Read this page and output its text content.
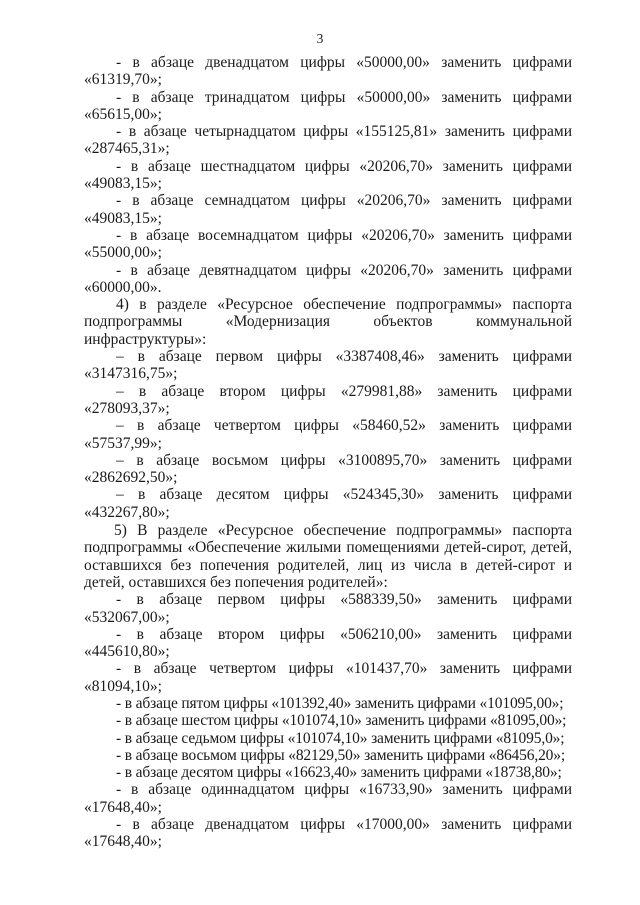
3
- в абзаце двенадцатом цифры «50000,00» заменить цифрами «61319,70»;
- в абзаце тринадцатом цифры «50000,00» заменить цифрами «65615,00»;
- в абзаце четырнадцатом цифры «155125,81» заменить цифрами «287465,31»;
- в абзаце шестнадцатом цифры «20206,70» заменить цифрами «49083,15»;
- в абзаце семнадцатом цифры «20206,70» заменить цифрами «49083,15»;
- в абзаце восемнадцатом цифры «20206,70» заменить цифрами «55000,00»;
- в абзаце девятнадцатом цифры «20206,70» заменить цифрами «60000,00».
4) в разделе «Ресурсное обеспечение подпрограммы» паспорта подпрограммы «Модернизация объектов коммунальной инфраструктуры»:
– в абзаце первом цифры «3387408,46» заменить цифрами «3147316,75»;
– в абзаце втором цифры «279981,88» заменить цифрами «278093,37»;
– в абзаце четвертом цифры «58460,52» заменить цифрами «57537,99»;
– в абзаце восьмом цифры «3100895,70» заменить цифрами «2862692,50»;
– в абзаце десятом цифры «524345,30» заменить цифрами «432267,80»;
5) В разделе «Ресурсное обеспечение подпрограммы» паспорта подпрограммы «Обеспечение жилыми помещениями детей-сирот, детей, оставшихся без попечения родителей, лиц из числа в детей-сирот и детей, оставшихся без попечения родителей»:
- в абзаце первом цифры «588339,50» заменить цифрами «532067,00»;
- в абзаце втором цифры «506210,00» заменить цифрами «445610,80»;
- в абзаце четвертом цифры «101437,70» заменить цифрами «81094,10»;
- в абзаце пятом цифры «101392,40» заменить цифрами «101095,00»;
- в абзаце шестом цифры «101074,10» заменить цифрами «81095,00»;
- в абзаце седьмом цифры «101074,10» заменить цифрами «81095,0»;
- в абзаце восьмом цифры «82129,50» заменить цифрами «86456,20»;
- в абзаце десятом цифры «16623,40» заменить цифрами «18738,80»;
- в абзаце одиннадцатом цифры «16733,90» заменить цифрами «17648,40»;
- в абзаце двенадцатом цифры «17000,00» заменить цифрами «17648,40»;
